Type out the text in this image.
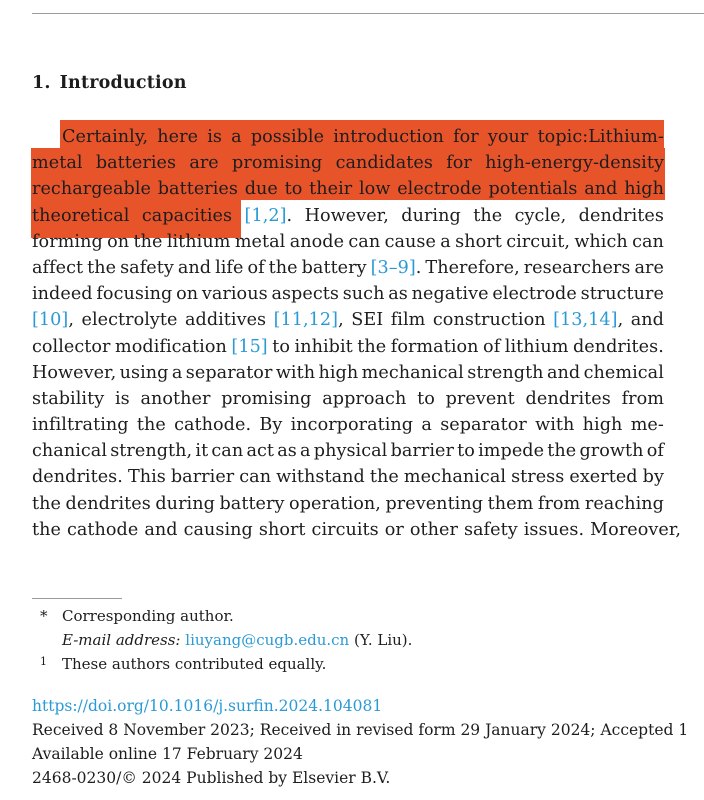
1. Introduction
Certainly, here is a possible introduction for your topic:Lithium-
metal batteries are promising candidates for high-energy-density
rechargeable batteries due to their low electrode potentials and high
theoretical capacities [1,2]. However, during the cycle, dendrites
forming on the lithium metal anode can cause a short circuit, which can
affect the safety and life of the battery [3–9]. Therefore, researchers are
indeed focusing on various aspects such as negative electrode structure
[10], electrolyte additives [11,12], SEI film construction [13,14], and
collector modification [15] to inhibit the formation of lithium dendrites.
However, using a separator with high mechanical strength and chemical
stability is another promising approach to prevent dendrites from
infiltrating the cathode. By incorporating a separator with high me-
chanical strength, it can act as a physical barrier to impede the growth of
dendrites. This barrier can withstand the mechanical stress exerted by
the dendrites during battery operation, preventing them from reaching
the cathode and causing short circuits or other safety issues. Moreover,
* Corresponding author.
E-mail address: liuyang@cugb.edu.cn (Y. Liu).
1 These authors contributed equally.
https://doi.org/10.1016/j.surfin.2024.104081
Received 8 November 2023; Received in revised form 29 January 2024; Accepted 1
Available online 17 February 2024
2468-0230/© 2024 Published by Elsevier B.V.
